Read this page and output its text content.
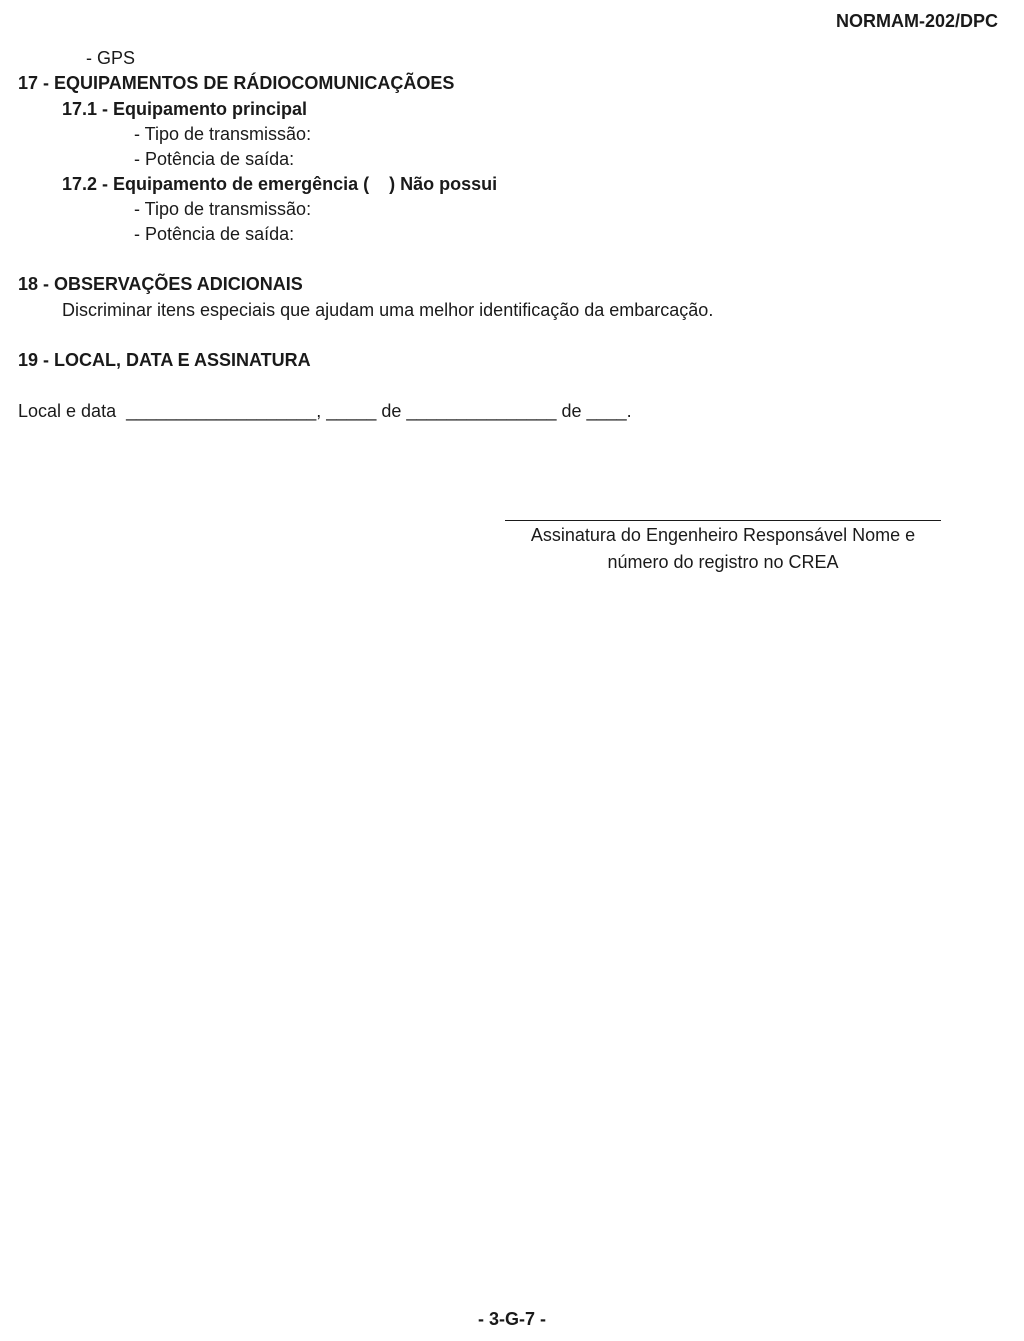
NORMAM-202/DPC
- GPS
17 - EQUIPAMENTOS DE RÁDIOCOMUNICAÇÃOES
17.1 - Equipamento principal
- Tipo de transmissão:
- Potência de saída:
17.2 - Equipamento de emergência (    ) Não possui
- Tipo de transmissão:
- Potência de saída:
18 - OBSERVAÇÕES ADICIONAIS
Discriminar itens especiais que ajudam uma melhor identificação da embarcação.
19 - LOCAL, DATA E ASSINATURA
Local e data  ___________________, _____ de _______________ de ____.
Assinatura do Engenheiro Responsável Nome e
número do registro no CREA
- 3-G-7 -
